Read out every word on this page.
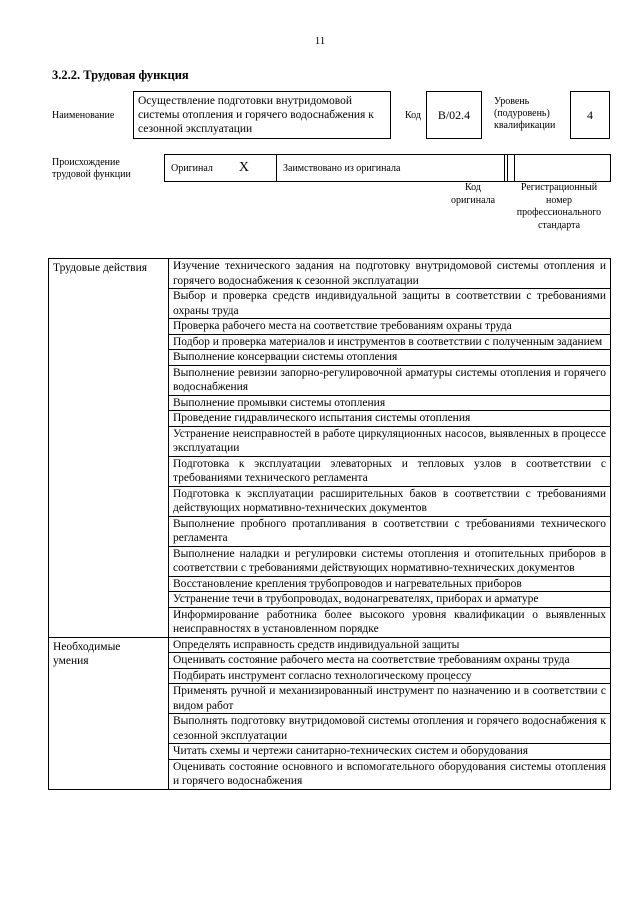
11
3.2.2. Трудовая функция
Наименование
Осуществление подготовки внутридомовой системы отопления и горячего водоснабжения к сезонной эксплуатации
Код	В/02.4
Уровень
(подуровень)
квалификации
4
Происхождение
трудовой функции
Оригинал X	Заимствовано из оригинала
Код
оригинала
Регистрационный
номер
профессионального
стандарта
Трудовые действия	Изучение технического задания на подготовку внутридомовой системы отопления и горячего водоснабжения к сезонной эксплуатации
	Выбор и проверка средств индивидуальной защиты в соответствии с требованиями охраны труда
	Проверка рабочего места на соответствие требованиям охраны труда
	Подбор и проверка материалов и инструментов в соответствии с полученным заданием
	Выполнение консервации системы отопления
	Выполнение ревизии запорно-регулировочной арматуры системы отопления и горячего водоснабжения
	Выполнение промывки системы отопления
	Проведение гидравлического испытания системы отопления
	Устранение неисправностей в работе циркуляционных насосов, выявленных в процессе эксплуатации
	Подготовка к эксплуатации элеваторных и тепловых узлов в соответствии с требованиями технического регламента
	Подготовка к эксплуатации расширительных баков в соответствии с требованиями действующих нормативно-технических документов
	Выполнение пробного протапливания в соответствии с требованиями технического регламента
	Выполнение наладки и регулировки системы отопления и отопительных приборов в соответствии с требованиями действующих нормативно-технических документов
	Восстановление крепления трубопроводов и нагревательных приборов
	Устранение течи в трубопроводах, водонагревателях, приборах и арматуре
	Информирование работника более высокого уровня квалификации о выявленных неисправностях в установленном порядке

Необходимые
умения	Определять исправность средств индивидуальной защиты
	Оценивать состояние рабочего места на соответствие требованиям охраны труда
	Подбирать инструмент согласно технологическому процессу
	Применять ручной и механизированный инструмент по назначению и в соответствии с видом работ
	Выполнять подготовку внутридомовой системы отопления и горячего водоснабжения к сезонной эксплуатации
	Читать схемы и чертежи санитарно-технических систем и оборудования
	Оценивать состояние основного и вспомогательного оборудования системы отопления и горячего водоснабжения
